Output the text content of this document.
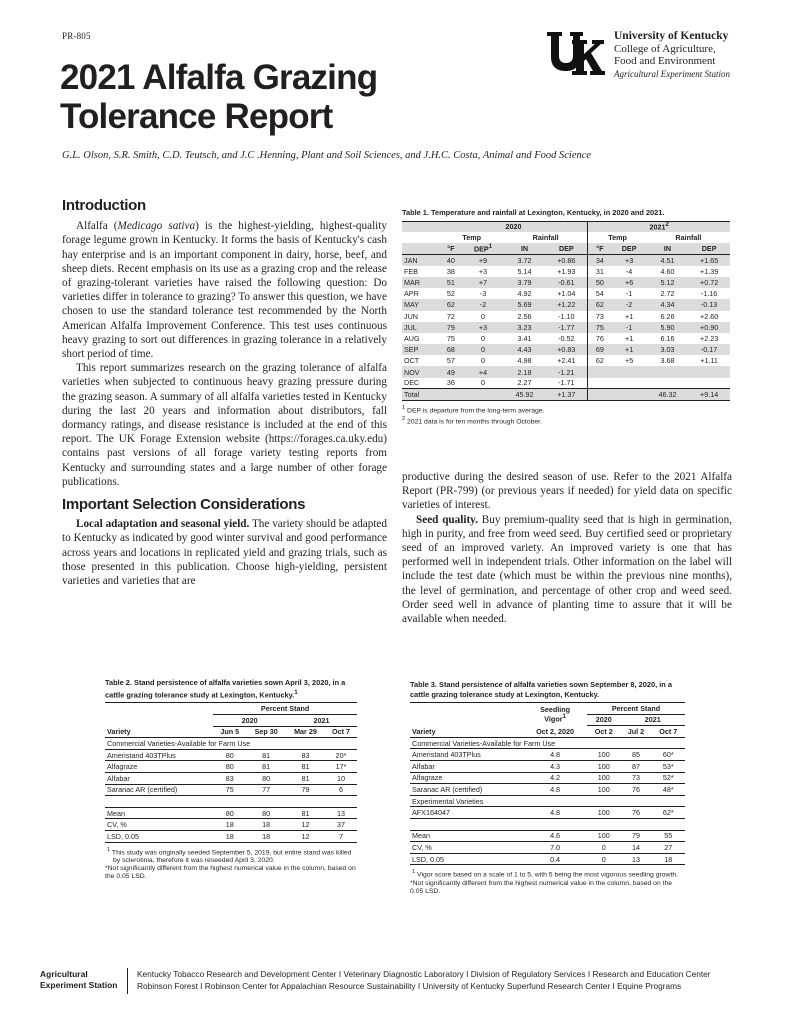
PR-805
2021 Alfalfa Grazing Tolerance Report
G.L. Olson, S.R. Smith, C.D. Teutsch, and J.C .Henning, Plant and Soil Sciences, and J.H.C. Costa, Animal and Food Science
University of Kentucky
College of Agriculture,
Food and Environment
Agricultural Experiment Station
Introduction

Alfalfa (Medicago sativa) is the highest-yielding, highest-quality forage legume grown in Kentucky. It forms the basis of Kentucky's cash hay enterprise and is an important component in dairy, horse, beef, and sheep diets. Recent emphasis on its use as a grazing crop and the release of grazing-tolerant varieties have raised the following question: Do varieties differ in tolerance to grazing? To answer this question, we have chosen to use the standard tolerance test recommended by the North American Alfalfa Improvement Conference. This test uses continuous heavy grazing to sort out differences in grazing tolerance in a relatively short period of time.

This report summarizes research on the grazing tolerance of alfalfa varieties when subjected to continuous heavy grazing pressure during the grazing season. A summary of all alfalfa varieties tested in Kentucky during the last 20 years and information about distributors, fall dormancy ratings, and disease resistance is included at the end of this report. The UK Forage Extension website (https://forages.ca.uky.edu) contains past versions of all forage variety testing reports from Kentucky and surrounding states and a large number of other forage publications.

Important Selection Considerations

Local adaptation and seasonal yield. The variety should be adapted to Kentucky as indicated by good winter survival and good performance across years and locations in replicated yield and grazing trials, such as those presented in this publication. Choose high-yielding, persistent varieties and varieties that are

productive during the desired season of use. Refer to the 2021 Alfalfa Report (PR-799) (or previous years if needed) for yield data on specific varieties of interest.

Seed quality. Buy premium-quality seed that is high in germination, high in purity, and free from weed seed. Buy certified seed or proprietary seed of an improved variety. An improved variety is one that has performed well in independent trials. Other information on the label will include the test date (which must be within the previous nine months), the level of germination, and percentage of other crop and weed seed. Order seed well in advance of planting time to assure that it will be available when needed.

Table 1. Temperature and rainfall at Lexington, Kentucky, in 2020 and 2021.
	2020				2021$^2$
	Temp		Rainfall		Temp		Rainfall	
	°F	DEP$^1$	IN	DEP	°F	DEP	IN	DEP
JAN	40	+9	3.72	+0.86	34	+3	4.51	+1.65
FEB	38	+3	5.14	+1.93	31	-4	4.60	+1.39
MAR	51	+7	3.79	-0.61	50	+6	5.12	+0.72
APR	52	-3	4.92	+1.04	54	-1	2.72	-1.16
MAY	62	-2	5.69	+1.22	62	-2	4.34	-0.13
JUN	72	0	2.56	-1.10	73	+1	6.26	+2.60
JUL	79	+3	3.23	-1.77	75	-1	5.90	+0.90
AUG	75	0	3.41	-0.52	76	+1	6.16	+2.23
SEP	68	0	4.43	+0.83	69	+1	3.03	-0.17
OCT	57	0	4.98	+2.41	62	+5	3.68	+1.11
NOV	49	+4	2.18	-1.21				
DEC	36	0	2.27	-1.71				
Total			45.92	+1.37			46.32	+9.14
$^1$ DEP is departure from the long-term average.
$^2$ 2021 data is for ten months through October.
Table 2. Stand persistence of alfalfa varieties sown April 3, 2020, in a cattle grazing tolerance study at Lexington, Kentucky.$^1$
	Percent Stand			
	2020		2021	
Variety	Jun 5	Sep 30	Mar 29	Oct 7
Commercial Varieties-Available for Farm Use				
Ameristand 403TPlus	80	81	83	20*
Alfagraze	80	81	81	17*
Alfabar	83	80	81	10
Saranac AR (certified)	75	77	79	6

Mean	80	80	81	13
CV, %	18	18	12	37
LSD, 0.05	18	18	12	7
$^1$ This study was originally seeded September 5, 2019, but entire stand was killed by sclerotinia, therefore it was reseeded April 3, 2020.
*Not significantly different from the highest numerical value in the column, based on the 0.05 LSD.
Table 3. Stand persistence of alfalfa varieties sown September 8, 2020, in a cattle grazing tolerance study at Lexington, Kentucky.
	Seedling
Vigor$^1$	Percent Stand		
		2020	2021	
Variety	Oct 2, 2020	Oct 2	Jul 2	Oct 7
Commercial Varieties-Available for Farm Use				
Ameristand 403TPlus	4.8	100	85	60*
Alfabar	4.3	100	87	53*
Alfagraze	4.2	100	73	52*
Saranac AR (certified)	4.8	100	76	48*
Experimental Varieties				
AFX164047	4.8	100	76	62*

Mean	4.6	100	79	55
CV, %	7.0	0	14	27
LSD, 0.05	0.4	0	13	18
$^1$ Vigor score based on a scale of 1 to 5, with 5 being the most vigorous seedling growth.
*Not significantly different from the highest numerical value in the column, based on the 0.05 LSD.
Agricultural
Experiment Station
Kentucky Tobacco Research and Development Center I Veterinary Diagnostic Laboratory I Division of Regulatory Services I Research and Education Center
Robinson Forest I Robinson Center for Appalachian Resource Sustainability I University of Kentucky Superfund Research Center I Equine Programs
